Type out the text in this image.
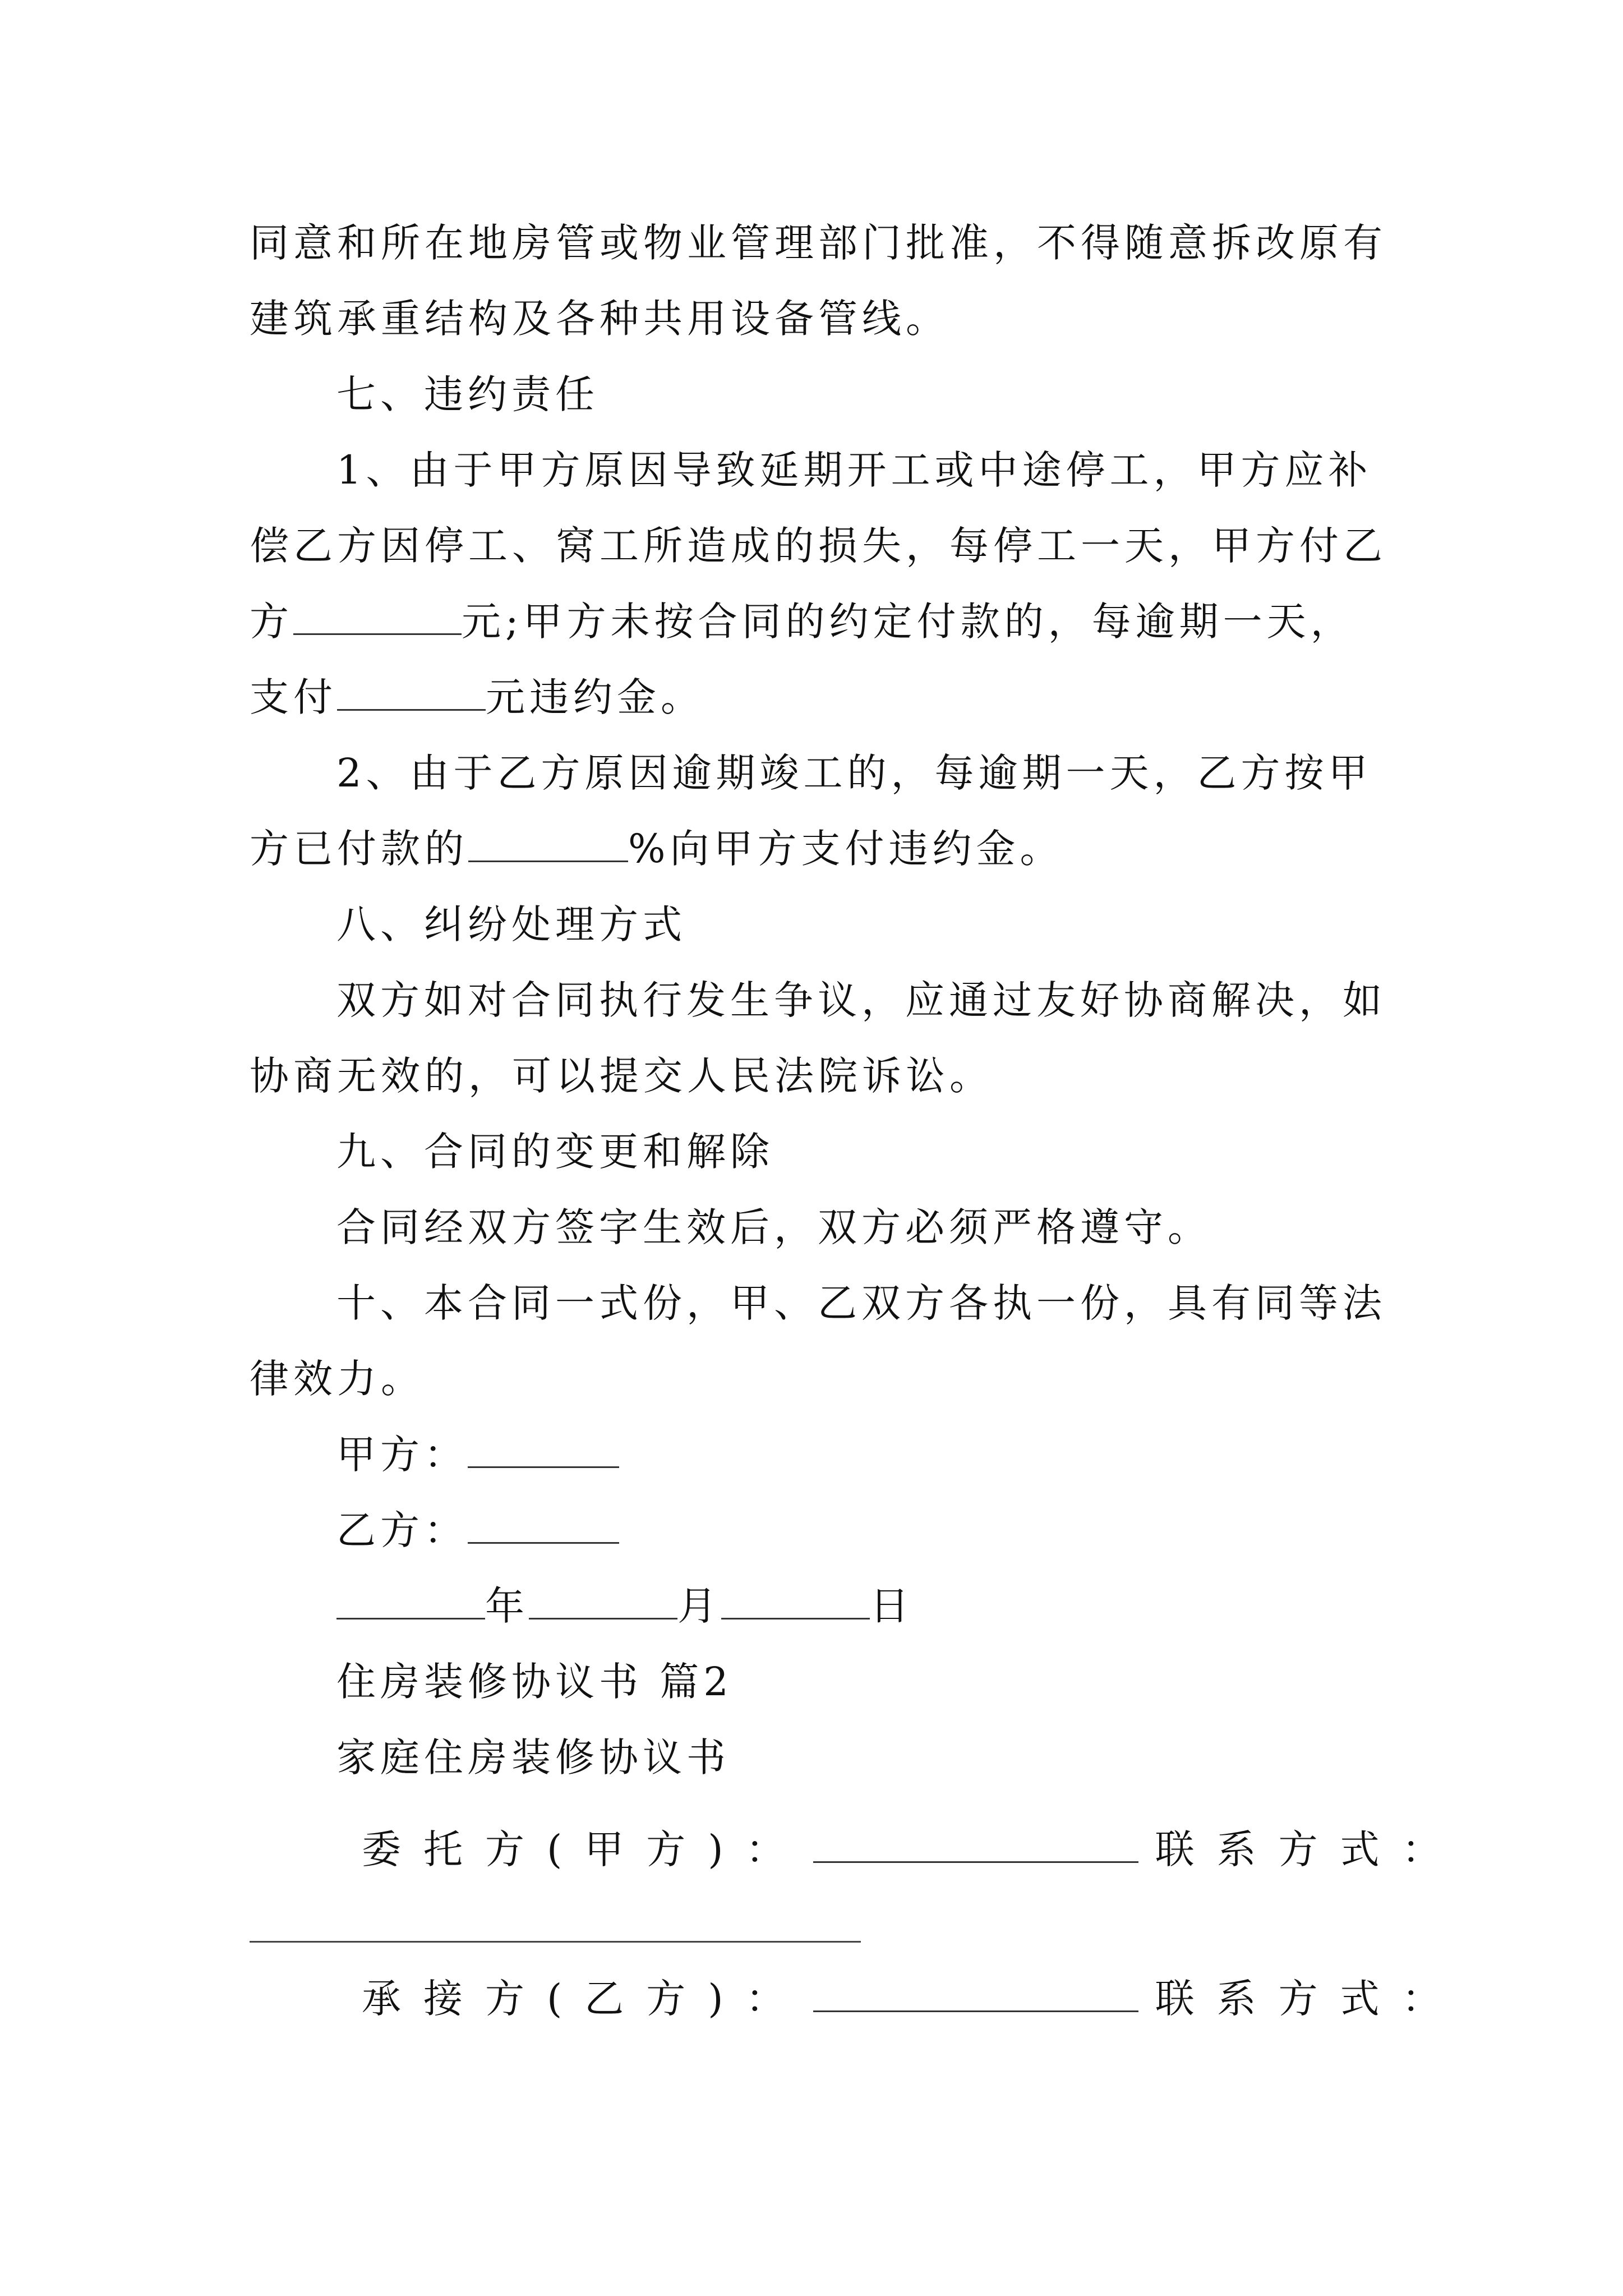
同意和所在地房管或物业管理部门批准，不得随意拆改原有
建筑承重结构及各种共用设备管线。
七、违约责任
1、由于甲方原因导致延期开工或中途停工，甲方应补
偿乙方因停工、窝工所造成的损失，每停工一天，甲方付乙
方	元;甲方未按合同的约定付款的，每逾期一天，
支付	元违约金。
2、由于乙方原因逾期竣工的，每逾期一天，乙方按甲
方已付款的	%向甲方支付违约金。
八、纠纷处理方式
双方如对合同执行发生争议，应通过友好协商解决，如
协商无效的，可以提交人民法院诉讼。
九、合同的变更和解除
合同经双方签字生效后，双方必须严格遵守。
十、本合同一式份，甲、乙双方各执一份，具有同等法
律效力。
甲方：
乙方：
年	月	日
住房装修协议书 篇2
家庭住房装修协议书
委托方(甲方)：	联系方式：
承接方(乙方)：	联系方式：
